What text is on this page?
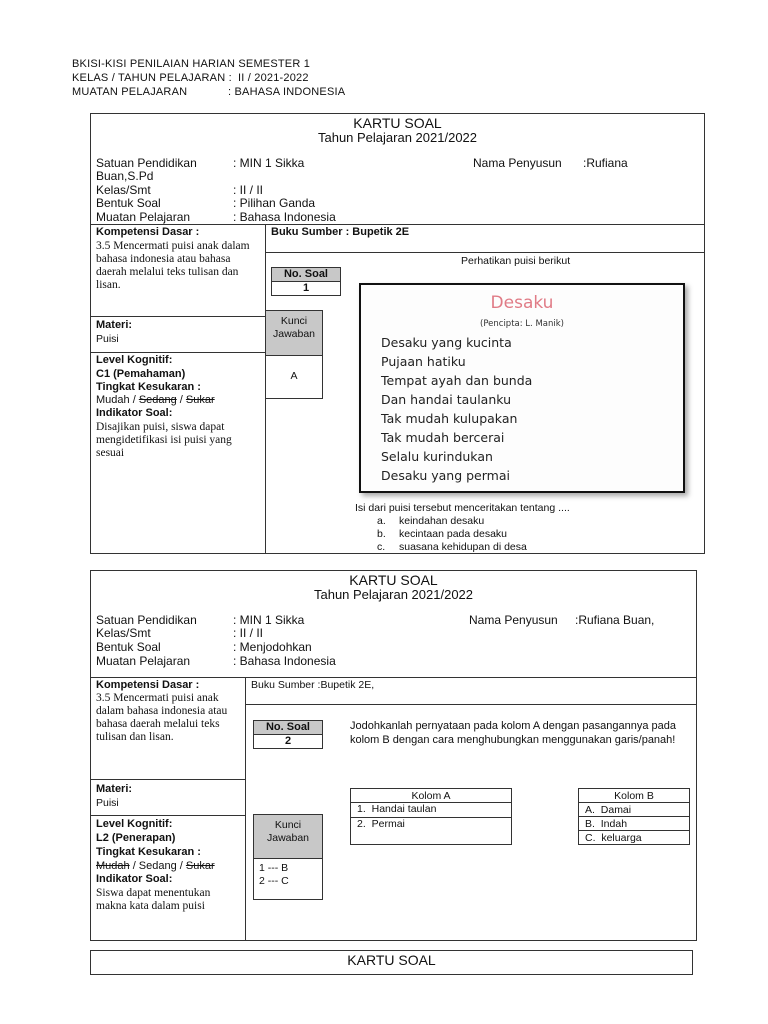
BKISI-KISI PENILAIAN HARIAN SEMESTER 1
KELAS / TAHUN PELAJARAN : II / 2021-2022
MUATAN PELAJARAN	: BAHASA INDONESIA
KARTU SOAL
Tahun Pelajaran 2021/2022
Satuan Pendidikan	: MIN 1 Sikka	Nama Penyusun :Rufiana
Buan,S.Pd
Kelas/Smt	: II / II
Bentuk Soal	: Pilihan Ganda
Muatan Pelajaran	: Bahasa Indonesia
Kompetensi Dasar :
3.5 Mencermati puisi anak dalam bahasa indonesia atau bahasa daerah melalui teks tulisan dan lisan.
Materi:
Puisi
Level Kognitif:
C1 (Pemahaman)
Tingkat Kesukaran :
Mudah / Sedang / Sukar
Indikator Soal:
Disajikan puisi, siswa dapat mengidetifikasi isi puisi yang sesuai
Buku Sumber : Bupetik 2E
Perhatikan puisi berikut
No. Soal
1
Kunci Jawaban
A
Isi dari puisi tersebut menceritakan tentang ....
a. keindahan desaku
b. kecintaan pada desaku
c. suasana kehidupan di desa
Desaku
(Pencipta: L. Manik)
Desaku yang kucinta
Pujaan hatiku
Tempat ayah dan bunda
Dan handai taulanku
Tak mudah kulupakan
Tak mudah bercerai
Selalu kurindukan
Desaku yang permai
KARTU SOAL
Tahun Pelajaran 2021/2022
Satuan Pendidikan	: MIN 1 Sikka	Nama Penyusun :Rufiana Buan,
Kelas/Smt	: II / II
Bentuk Soal	: Menjodohkan
Muatan Pelajaran	: Bahasa Indonesia
Kompetensi Dasar :
3.5 Mencermati puisi anak dalam bahasa indonesia atau bahasa daerah melalui teks tulisan dan lisan.
Materi:
Puisi
Level Kognitif:
L2 (Penerapan)
Tingkat Kesukaran :
Mudah / Sedang / Sukar
Indikator Soal:
Siswa dapat menentukan makna kata dalam puisi
Buku Sumber :Bupetik 2E,
No. Soal
2
Jodohkanlah pernyataan pada kolom A dengan pasangannya pada kolom B dengan cara menghubungkan menggunakan garis/panah!
Kunci Jawaban
1 --- B
2 --- C
Kolom A

1. Handai taulan
2. Permai
Kolom B
A. Damai
B. Indah
C. keluarga
KARTU SOAL
